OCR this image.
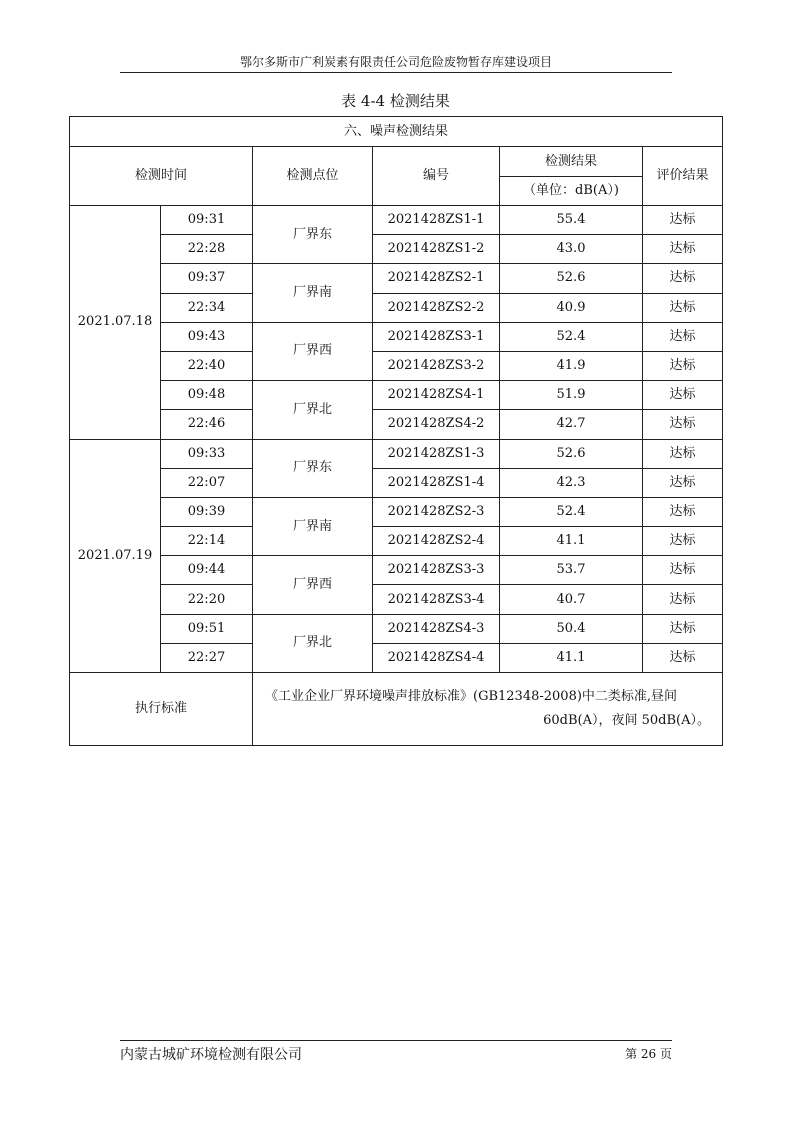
鄂尔多斯市广利炭素有限责任公司危险废物暂存库建设项目
表 4-4 检测结果
六、噪声检测结果					
检测时间		检测点位	编号	检测结果	评价结果
				（单位：dB(A）)	
2021.07.18	09:31	厂界东	2021428ZS1-1	55.4	达标
	22:28		2021428ZS1-2	43.0	达标
	09:37	厂界南	2021428ZS2-1	52.6	达标
	22:34		2021428ZS2-2	40.9	达标
	09:43	厂界西	2021428ZS3-1	52.4	达标
	22:40		2021428ZS3-2	41.9	达标
	09:48	厂界北	2021428ZS4-1	51.9	达标
	22:46		2021428ZS4-2	42.7	达标
2021.07.19	09:33	厂界东	2021428ZS1-3	52.6	达标
	22:07		2021428ZS1-4	42.3	达标
	09:39	厂界南	2021428ZS2-3	52.4	达标
	22:14		2021428ZS2-4	41.1	达标
	09:44	厂界西	2021428ZS3-3	53.7	达标
	22:20		2021428ZS3-4	40.7	达标
	09:51	厂界北	2021428ZS4-3	50.4	达标
	22:27		2021428ZS4-4	41.1	达标
执行标准		《工业企业厂界环境噪声排放标准》(GB12348-2008)中二类标准,昼间
60dB(A），夜间 50dB(A）。			
内蒙古城矿环境检测有限公司	第 26 页
